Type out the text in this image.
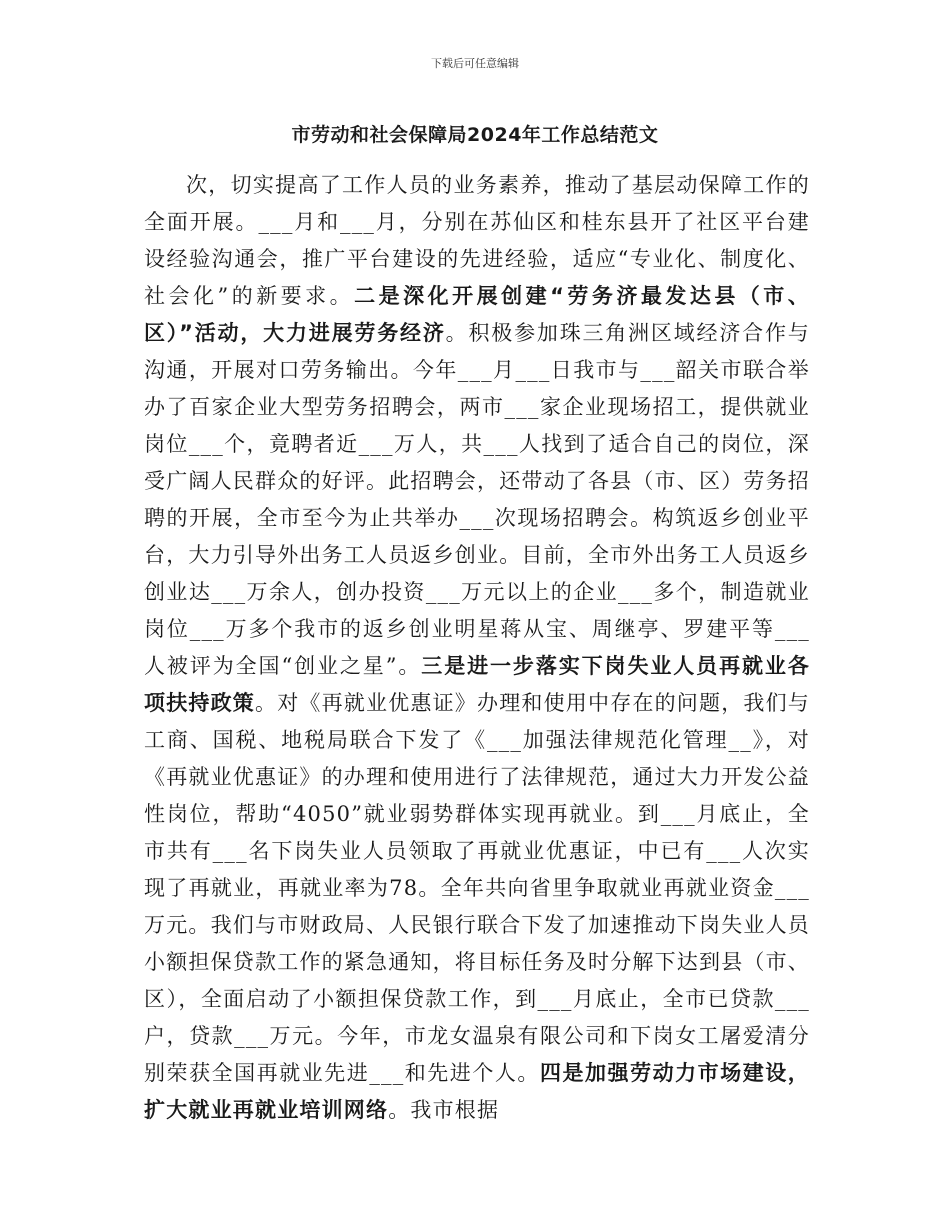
下载后可任意编辑
市劳动和社会保障局2024年工作总结范文

次，切实提高了工作人员的业务素养，推动了基层动保障工作的全面开展。___月和___月，分别在苏仙区和桂东县开了社区平台建设经验沟通会，推广平台建设的先进经验，适应“专业化、制度化、社会化”的新要求。二是深化开展创建“劳务济最发达县（市、区）”活动，大力进展劳务经济。积极参加珠三角洲区域经济合作与沟通，开展对口劳务输出。今年___月___日我市与___韶关市联合举办了百家企业大型劳务招聘会，两市___家企业现场招工，提供就业岗位___个，竟聘者近___万人，共___人找到了适合自己的岗位，深受广阔人民群众的好评。此招聘会，还带动了各县（市、区）劳务招聘的开展，全市至今为止共举办___次现场招聘会。构筑返乡创业平台，大力引导外出务工人员返乡创业。目前，全市外出务工人员返乡创业达___万余人，创办投资___万元以上的企业___多个，制造就业岗位___万多个我市的返乡创业明星蒋从宝、周继亭、罗建平等___人被评为全国“创业之星”。三是进一步落实下岗失业人员再就业各项扶持政策。对《再就业优惠证》办理和使用中存在的问题，我们与工商、国税、地税局联合下发了《___加强法律规范化管理__》，对《再就业优惠证》的办理和使用进行了法律规范，通过大力开发公益性岗位，帮助“4050”就业弱势群体实现再就业。到___月底止，全市共有___名下岗失业人员领取了再就业优惠证，中已有___人次实现了再就业，再就业率为78。全年共向省里争取就业再就业资金___万元。我们与市财政局、人民银行联合下发了加速推动下岗失业人员小额担保贷款工作的紧急通知，将目标任务及时分解下达到县（市、区），全面启动了小额担保贷款工作，到___月底止，全市已贷款___户，贷款___万元。今年，市龙女温泉有限公司和下岗女工屠爱清分别荣获全国再就业先进___和先进个人。四是加强劳动力市场建设，扩大就业再就业培训网络。我市根据
